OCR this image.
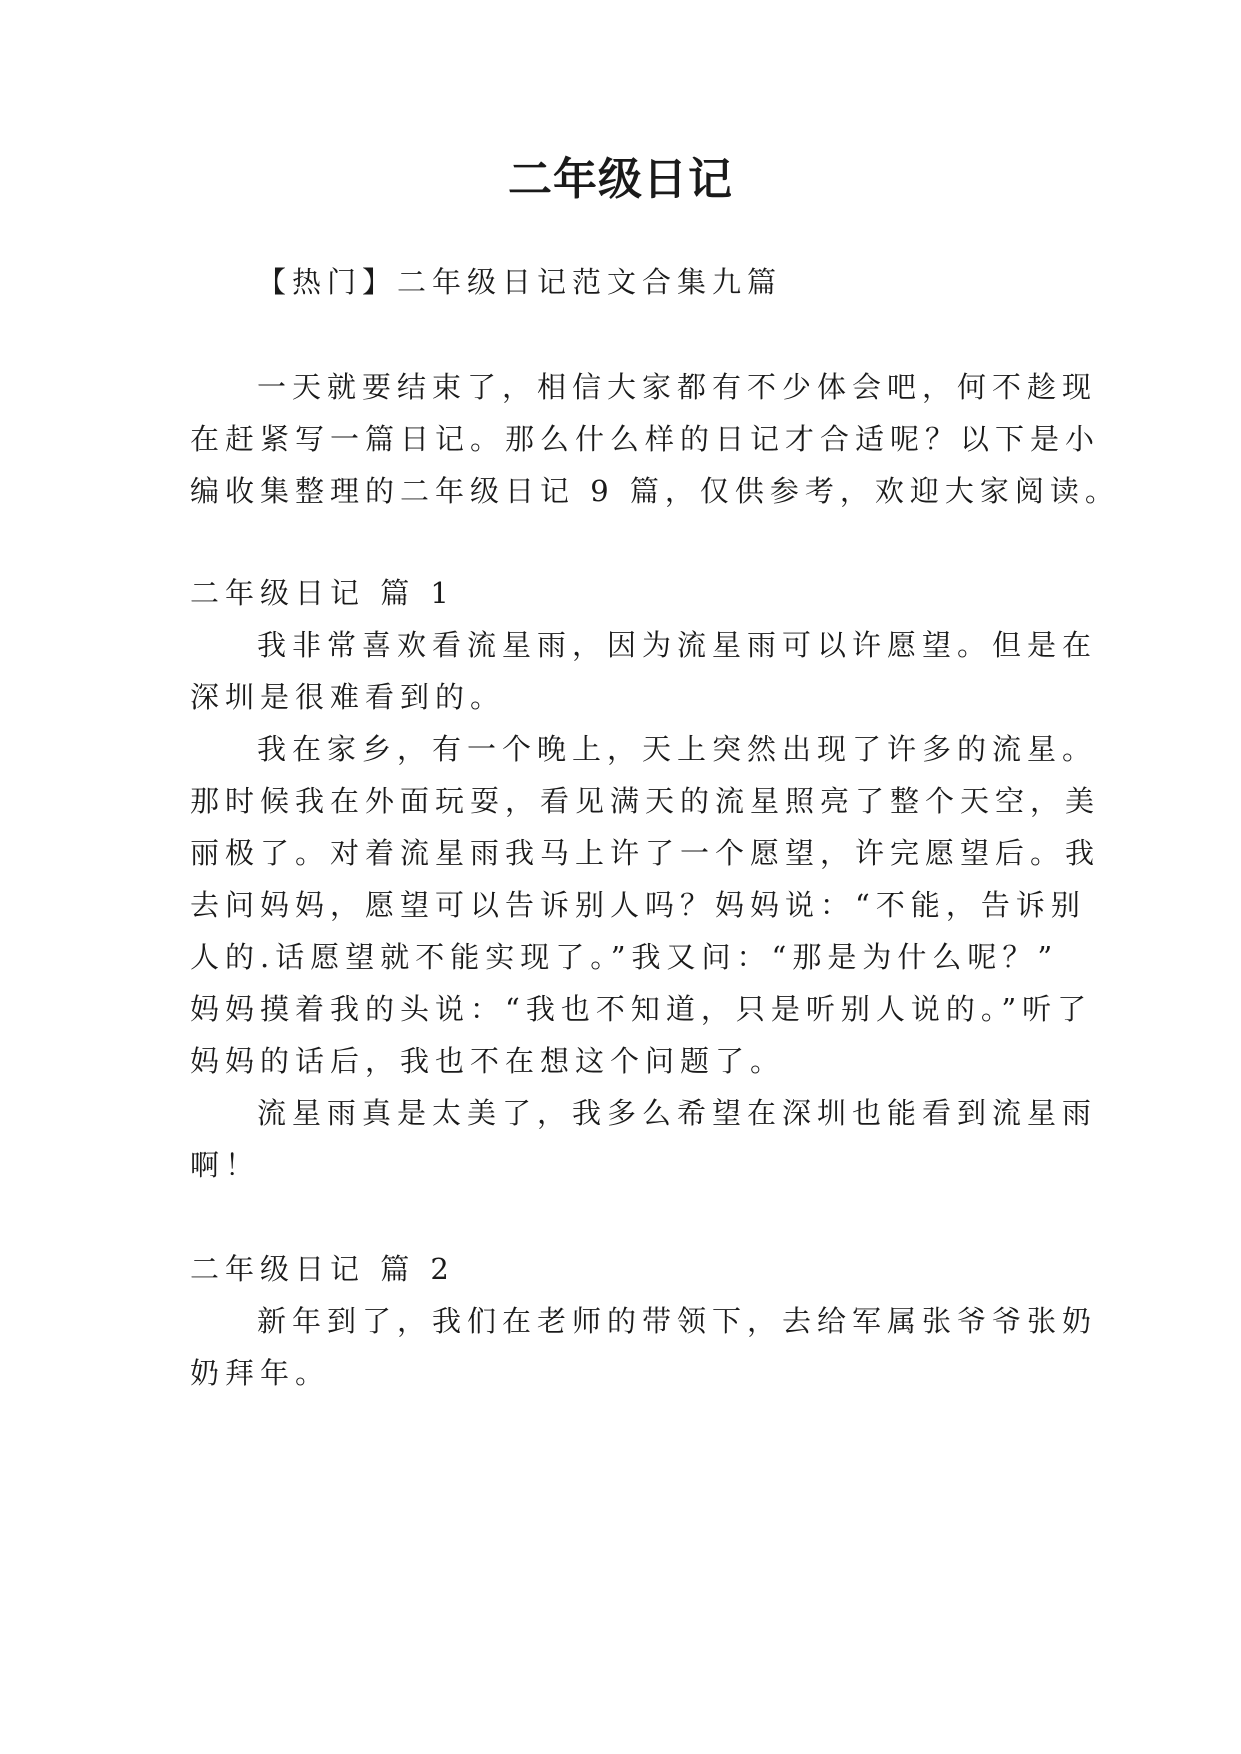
二年级日记

【热门】二年级日记范文合集九篇

一天就要结束了，相信大家都有不少体会吧，何不趁现

在赶紧写一篇日记。那么什么样的日记才合适呢？以下是小

编收集整理的二年级日记 9 篇，仅供参考，欢迎大家阅读。

二年级日记 篇 1

我非常喜欢看流星雨，因为流星雨可以许愿望。但是在

深圳是很难看到的。

我在家乡，有一个晚上，天上突然出现了许多的流星。

那时候我在外面玩耍，看见满天的流星照亮了整个天空，美

丽极了。对着流星雨我马上许了一个愿望，许完愿望后。我

去问妈妈，愿望可以告诉别人吗？妈妈说：“不能，告诉别

人的.话愿望就不能实现了。”我又问：“那是为什么呢？”

妈妈摸着我的头说：“我也不知道，只是听别人说的。”听了

妈妈的话后，我也不在想这个问题了。

流星雨真是太美了，我多么希望在深圳也能看到流星雨

啊！

二年级日记 篇 2

新年到了，我们在老师的带领下，去给军属张爷爷张奶

奶拜年。
